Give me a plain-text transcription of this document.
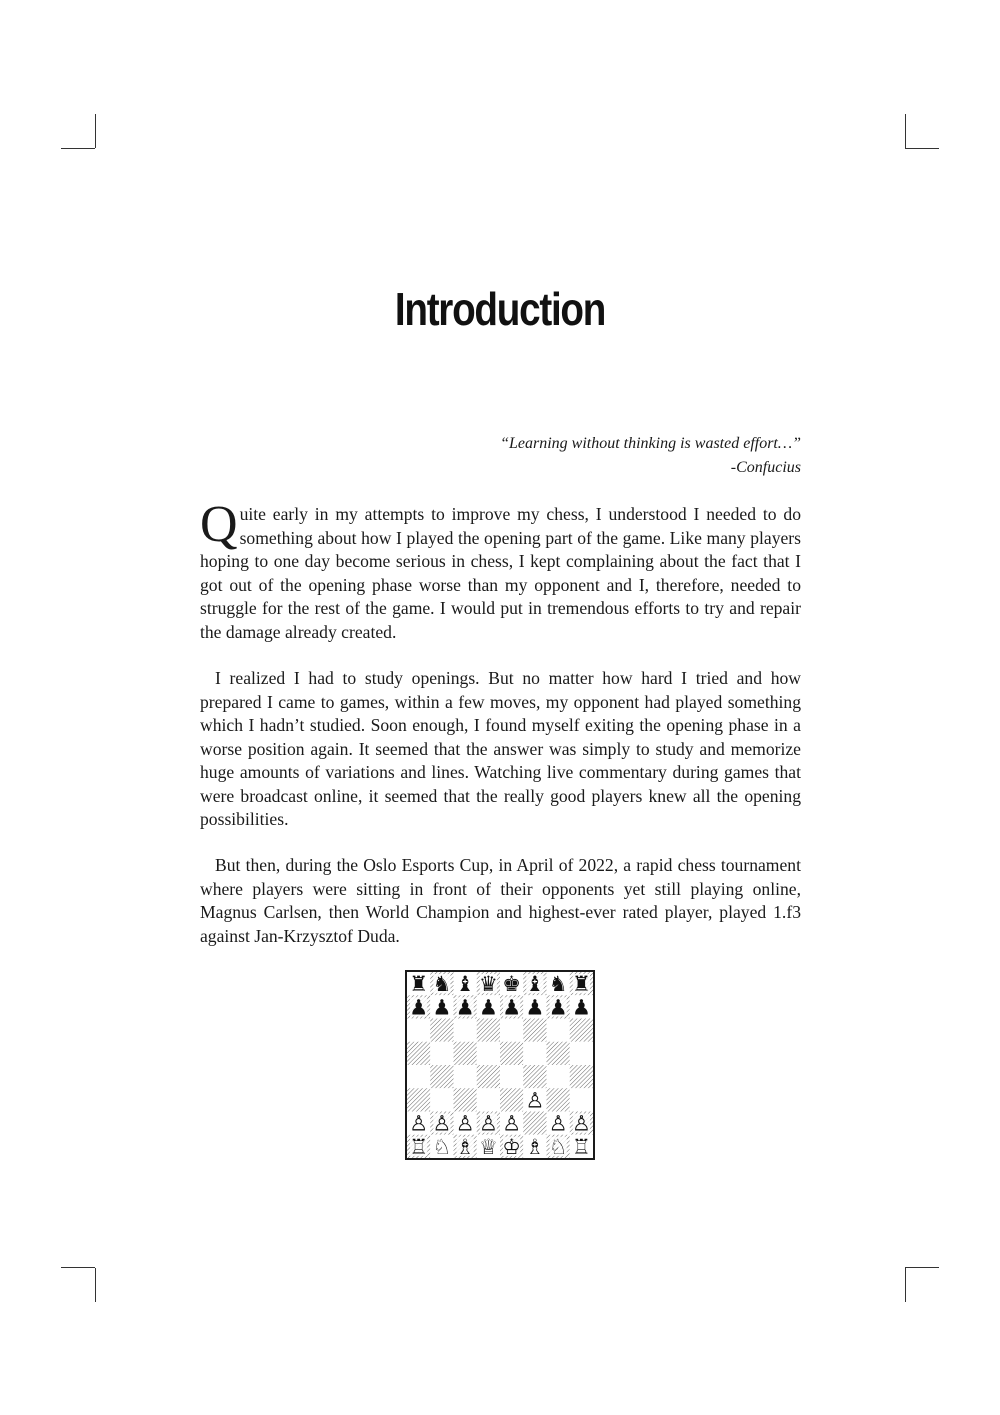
Introduction
“Learning without thinking is wasted effort…”
-Confucius

Quite early in my attempts to improve my chess, I understood I needed to do something about how I played the opening part of the game. Like many players hoping to one day become serious in chess, I kept complaining about the fact that I got out of the opening phase worse than my opponent and I, therefore, needed to struggle for the rest of the game. I would put in tremendous efforts to try and repair the damage already created.

I realized I had to study openings. But no matter how hard I tried and how prepared I came to games, within a few moves, my opponent had played something which I hadn’t studied. Soon enough, I found myself exiting the opening phase in a worse position again. It seemed that the answer was simply to study and memorize huge amounts of variations and lines. Watching live commentary during games that were broadcast online, it seemed that the really good players knew all the opening possibilities.

But then, during the Oslo Esports Cup, in April of 2022, a rapid chess tournament where players were sitting in front of their opponents yet still playing online, Magnus Carlsen, then World Champion and highest-ever rated player, played 1.f3 against Jan-Krzysztof Duda.

♜ ♞ ♝ ♛ ♚ ♝ ♞ ♜
♟ ♟ ♟ ♟ ♟ ♟ ♟ ♟
♙
♙ ♙ ♙ ♙ ♙ ♙ ♙
♖ ♘ ♗ ♕ ♔ ♗ ♘ ♖
